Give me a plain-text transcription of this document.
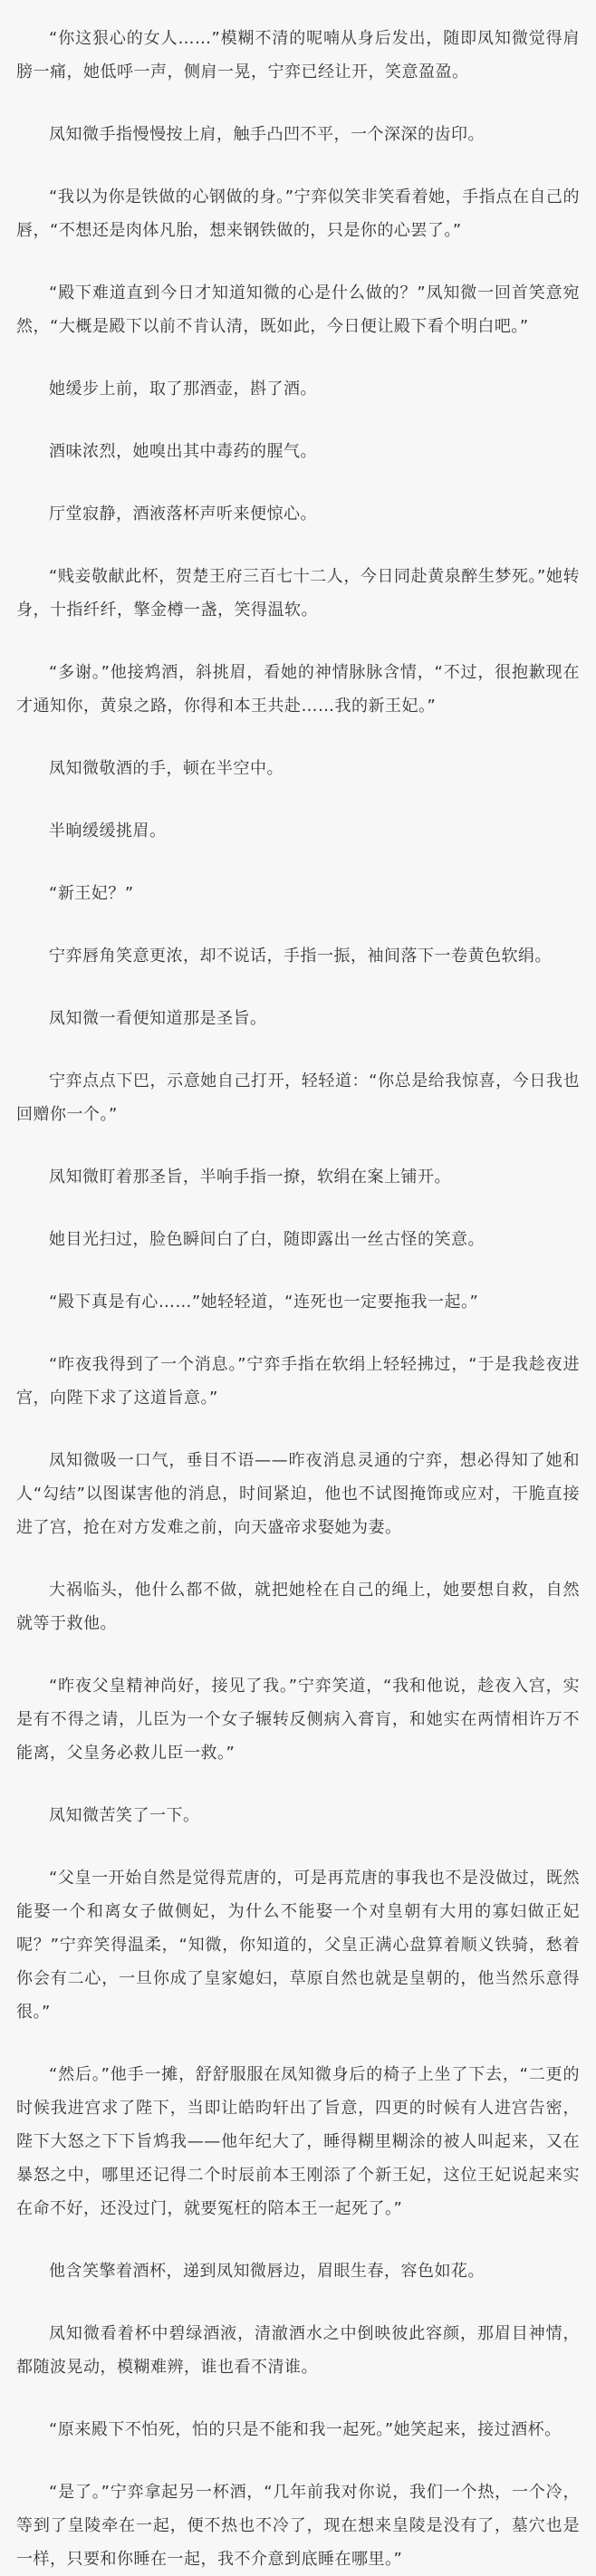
“你这狠心的女人……”模糊不清的呢喃从身后发出，随即凤知微觉得肩膀一痛，她低呼一声，侧肩一晃，宁弈已经让开，笑意盈盈。

凤知微手指慢慢按上肩，触手凸凹不平，一个深深的齿印。

“我以为你是铁做的心钢做的身。”宁弈似笑非笑看着她，手指点在自己的唇，“不想还是肉体凡胎，想来钢铁做的，只是你的心罢了。”

“殿下难道直到今日才知道知微的心是什么做的？”凤知微一回首笑意宛然，“大概是殿下以前不肯认清，既如此，今日便让殿下看个明白吧。”

她缓步上前，取了那酒壶，斟了酒。

酒味浓烈，她嗅出其中毒药的腥气。

厅堂寂静，酒液落杯声听来便惊心。

“贱妾敬献此杯，贺楚王府三百七十二人，今日同赴黄泉醉生梦死。”她转身，十指纤纤，擎金樽一盏，笑得温软。

“多谢。”他接鸩酒，斜挑眉，看她的神情脉脉含情，“不过，很抱歉现在才通知你，黄泉之路，你得和本王共赴……我的新王妃。”

凤知微敬酒的手，顿在半空中。

半晌缓缓挑眉。

“新王妃？”

宁弈唇角笑意更浓，却不说话，手指一振，袖间落下一卷黄色软绢。

凤知微一看便知道那是圣旨。

宁弈点点下巴，示意她自己打开，轻轻道：“你总是给我惊喜，今日我也回赠你一个。”

凤知微盯着那圣旨，半响手指一撩，软绢在案上铺开。

她目光扫过，脸色瞬间白了白，随即露出一丝古怪的笑意。

“殿下真是有心……”她轻轻道，“连死也一定要拖我一起。”

“昨夜我得到了一个消息。”宁弈手指在软绢上轻轻拂过，“于是我趁夜进宫，向陛下求了这道旨意。”

凤知微吸一口气，垂目不语——昨夜消息灵通的宁弈，想必得知了她和人“勾结”以图谋害他的消息，时间紧迫，他也不试图掩饰或应对，干脆直接进了宫，抢在对方发难之前，向天盛帝求娶她为妻。

大祸临头，他什么都不做，就把她栓在自己的绳上，她要想自救，自然就等于救他。

“昨夜父皇精神尚好，接见了我。”宁弈笑道，“我和他说，趁夜入宫，实是有不得之请，儿臣为一个女子辗转反侧病入膏肓，和她实在两情相许万不能离，父皇务必救儿臣一救。”

凤知微苦笑了一下。

“父皇一开始自然是觉得荒唐的，可是再荒唐的事我也不是没做过，既然能娶一个和离女子做侧妃，为什么不能娶一个对皇朝有大用的寡妇做正妃呢？”宁弈笑得温柔，“知微，你知道的，父皇正满心盘算着顺义铁骑，愁着你会有二心，一旦你成了皇家媳妇，草原自然也就是皇朝的，他当然乐意得很。”

“然后。”他手一摊，舒舒服服在凤知微身后的椅子上坐了下去，“二更的时候我进宫求了陛下，当即让皓昀轩出了旨意，四更的时候有人进宫告密，陛下大怒之下下旨鸩我——他年纪大了，睡得糊里糊涂的被人叫起来，又在暴怒之中，哪里还记得二个时辰前本王刚添了个新王妃，这位王妃说起来实在命不好，还没过门，就要冤枉的陪本王一起死了。”

他含笑擎着酒杯，递到凤知微唇边，眉眼生春，容色如花。

凤知微看着杯中碧绿酒液，清澈酒水之中倒映彼此容颜，那眉目神情，都随波晃动，模糊难辨，谁也看不清谁。

“原来殿下不怕死，怕的只是不能和我一起死。”她笑起来，接过酒杯。

“是了。”宁弈拿起另一杯酒，“几年前我对你说，我们一个热，一个冷，等到了皇陵牵在一起，便不热也不冷了，现在想来皇陵是没有了，墓穴也是一样，只要和你睡在一起，我不介意到底睡在哪里。”
